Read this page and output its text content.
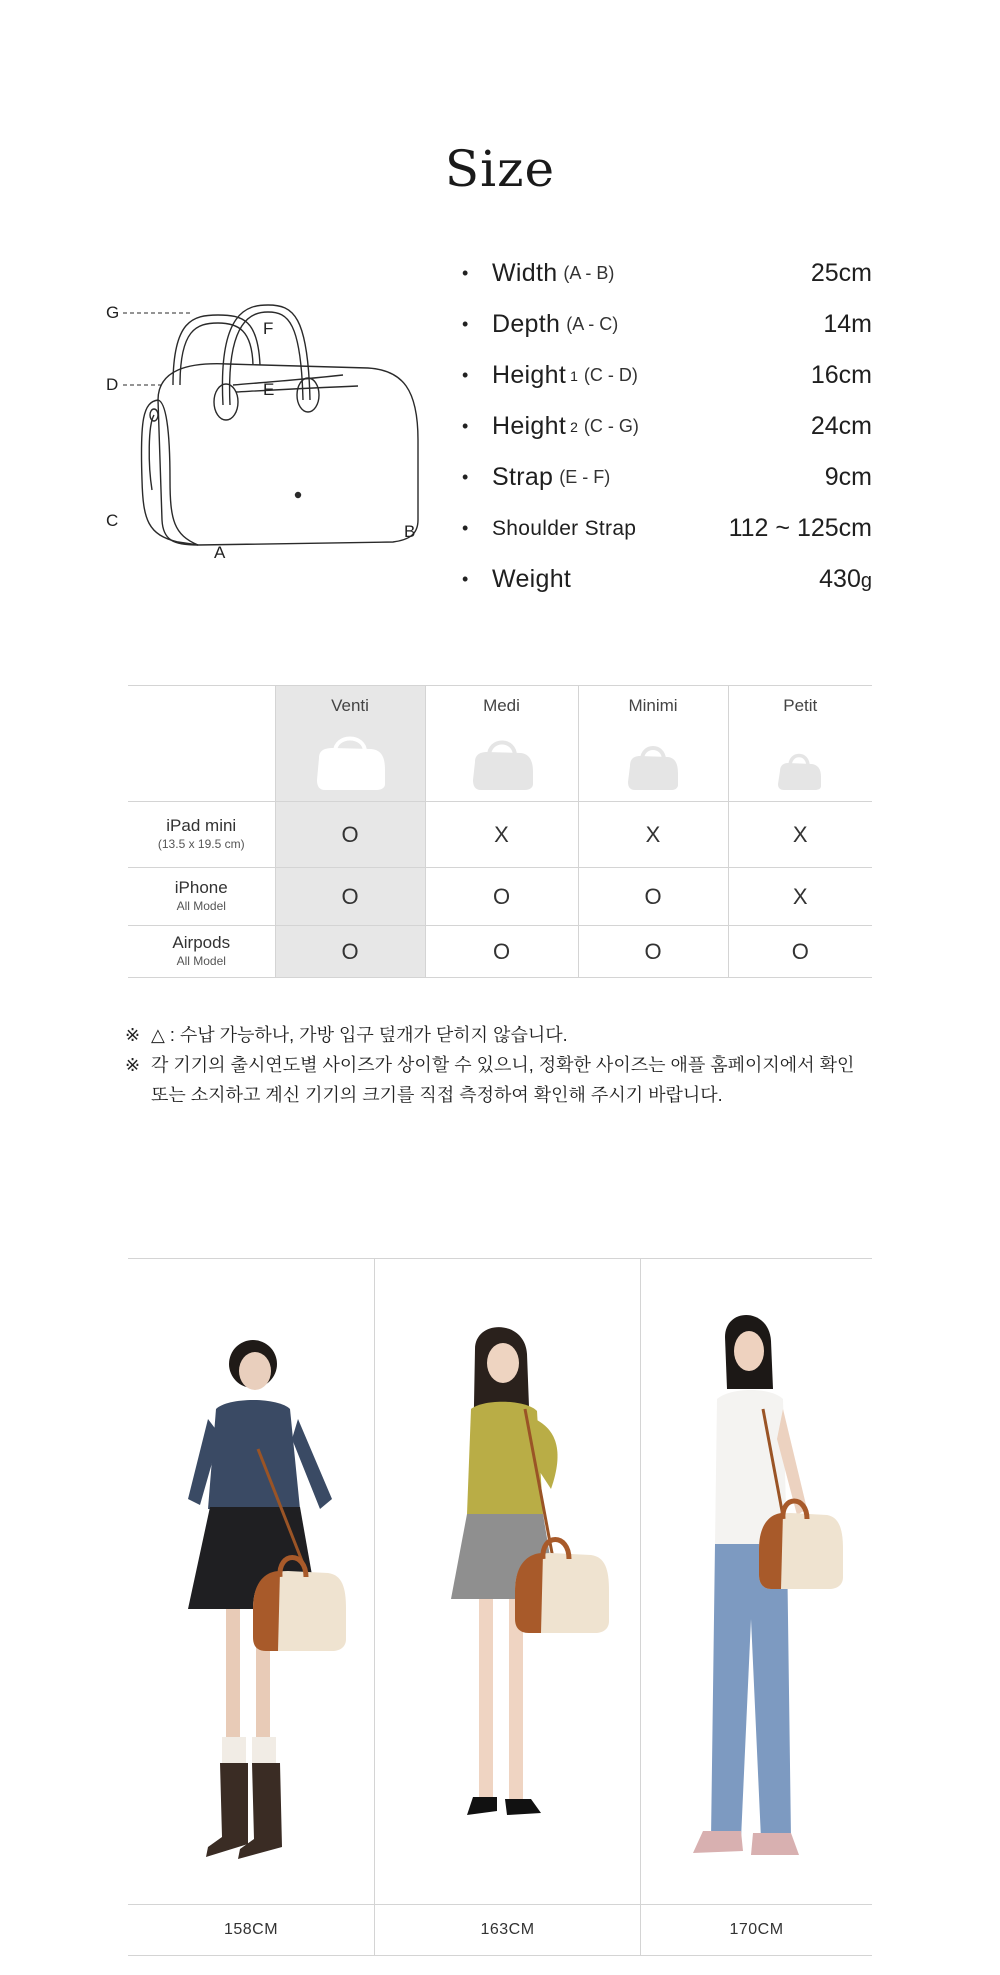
Size
G
F
D	E
C
A
B
• Width (A - B)	25cm
• Depth (A - C)	14m
• Height 1 (C - D)	16cm
• Height 2 (C - G)	24cm
• Strap (E - F)	9cm
•	Shoulder Strap	112 ~ 125cm
• Weight	430g
	Venti	Medi	Minimi	Petit

iPad mini
(13.5 x 19.5 cm)	O	X	X	X
iPhone
All Model	O	O	O	X
Airpods
All Model	O	O	O	O
※ △ : 수납 가능하나, 가방 입구 덮개가 닫히지 않습니다.
※ 각 기기의 출시연도별 사이즈가 상이할 수 있으니, 정확한 사이즈는 애플 홈페이지에서 확인
또는 소지하고 계신 기기의 크기를 직접 측정하여 확인해 주시기 바랍니다.
158CM	163CM	170CM
